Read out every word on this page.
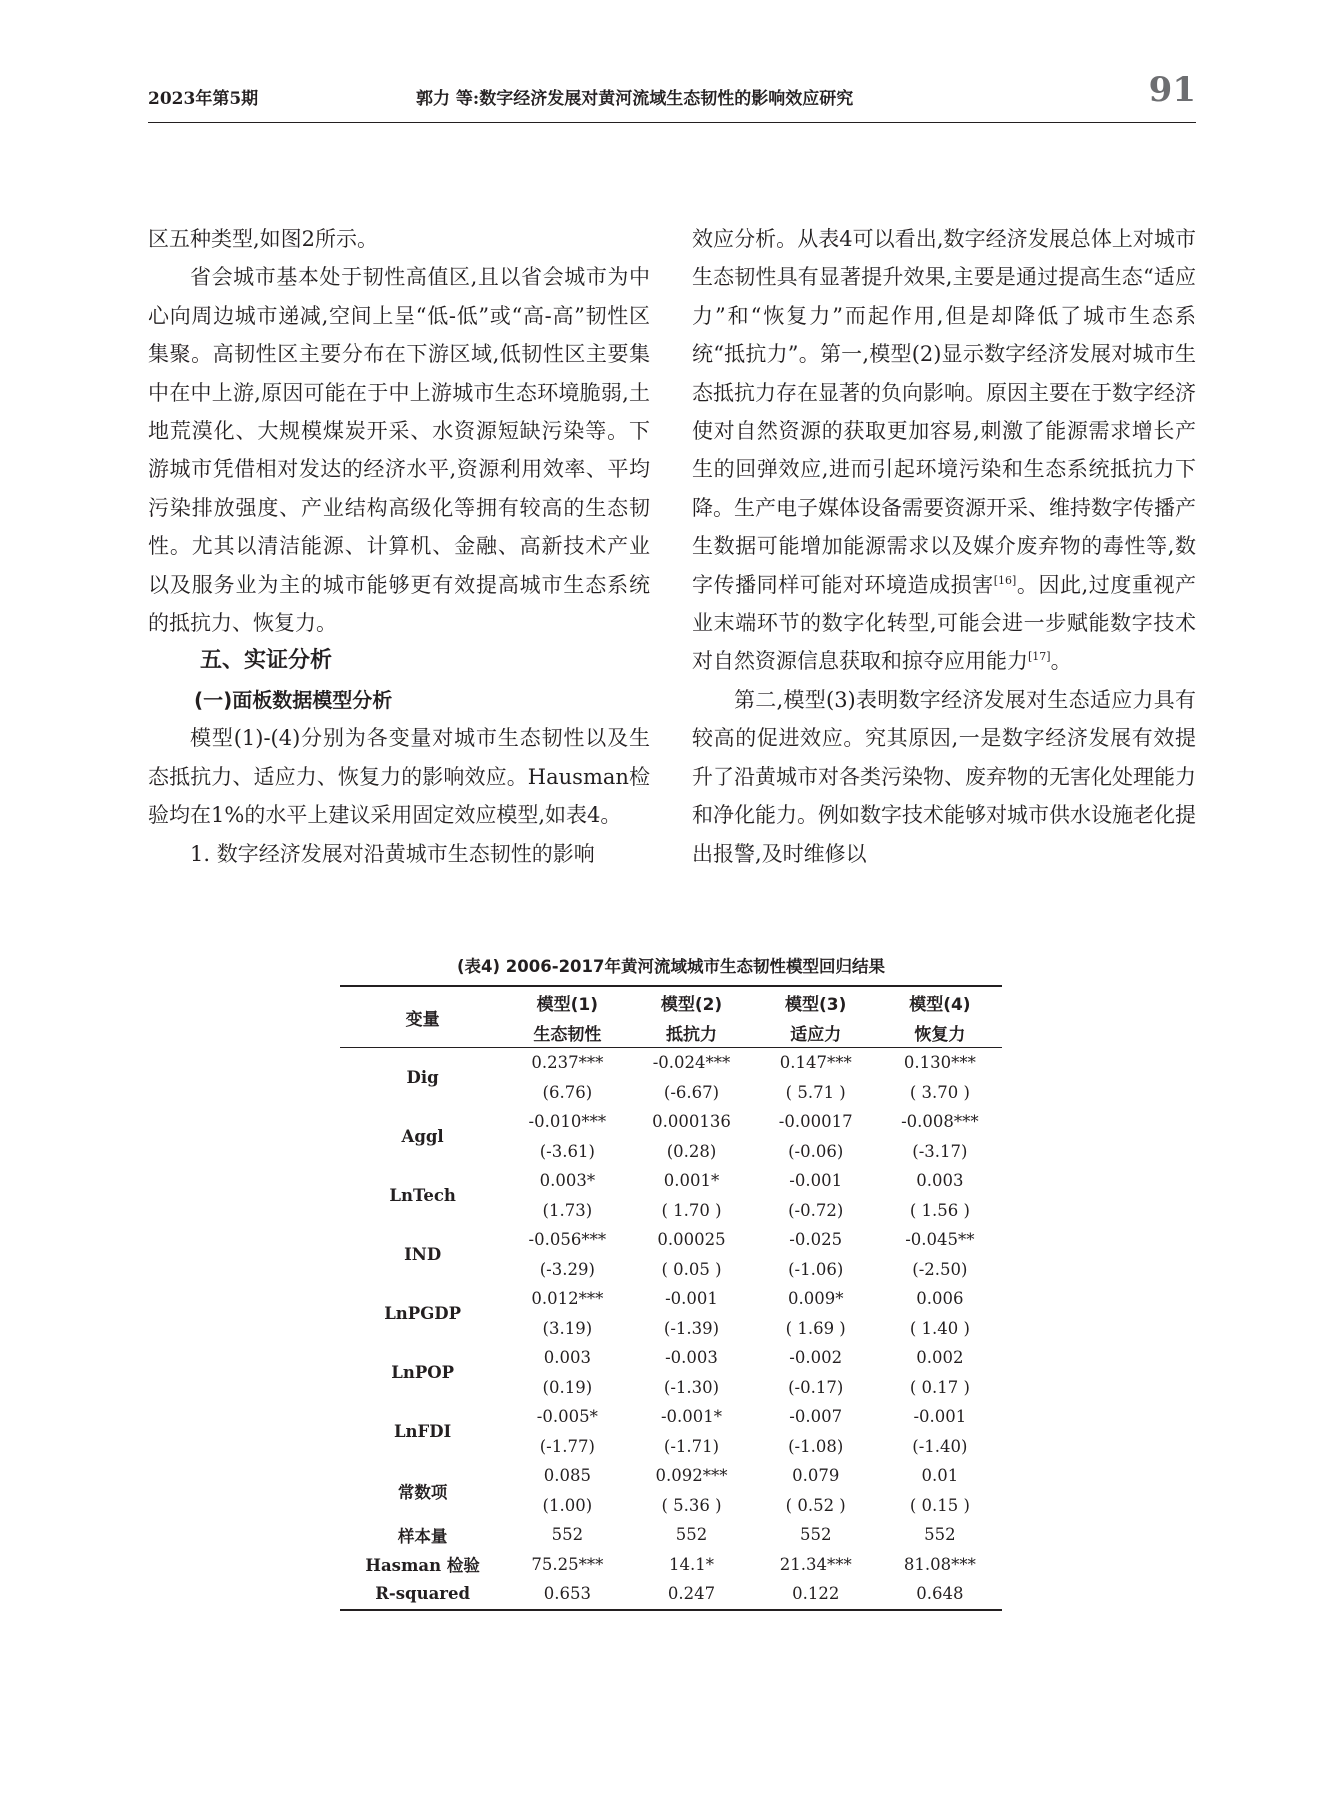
2023年第5期	郭力 等:数字经济发展对黄河流域生态韧性的影响效应研究	91

区五种类型,如图2所示。

省会城市基本处于韧性高值区,且以省会城市为中心向周边城市递减,空间上呈“低-低”或“高-高”韧性区集聚。高韧性区主要分布在下游区域,低韧性区主要集中在中上游,原因可能在于中上游城市生态环境脆弱,土地荒漠化、大规模煤炭开采、水资源短缺污染等。下游城市凭借相对发达的经济水平,资源利用效率、平均污染排放强度、产业结构高级化等拥有较高的生态韧性。尤其以清洁能源、计算机、金融、高新技术产业以及服务业为主的城市能够更有效提高城市生态系统的抵抗力、恢复力。

五、实证分析

(一)面板数据模型分析

模型(1)-(4)分别为各变量对城市生态韧性以及生态抵抗力、适应力、恢复力的影响效应。Hausman检验均在1%的水平上建议采用固定效应模型,如表4。

1. 数字经济发展对沿黄城市生态韧性的影响

效应分析。从表4可以看出,数字经济发展总体上对城市生态韧性具有显著提升效果,主要是通过提高生态“适应力”和“恢复力”而起作用,但是却降低了城市生态系统“抵抗力”。第一,模型(2)显示数字经济发展对城市生态抵抗力存在显著的负向影响。原因主要在于数字经济使对自然资源的获取更加容易,刺激了能源需求增长产生的回弹效应,进而引起环境污染和生态系统抵抗力下降。生产电子媒体设备需要资源开采、维持数字传播产生数据可能增加能源需求以及媒介废弃物的毒性等,数字传播同样可能对环境造成损害[16]。因此,过度重视产业末端环节的数字化转型,可能会进一步赋能数字技术对自然资源信息获取和掠夺应用能力[17]。

第二,模型(3)表明数字经济发展对生态适应力具有较高的促进效应。究其原因,一是数字经济发展有效提升了沿黄城市对各类污染物、废弃物的无害化处理能力和净化能力。例如数字技术能够对城市供水设施老化提出报警,及时维修以

(表4) 2006-2017年黄河流域城市生态韧性模型回归结果
变量	模型(1)	模型(2)	模型(3)	模型(4)
	生态韧性	抵抗力	适应力	恢复力
Dig	0.237***	-0.024***	0.147***	0.130***
	(6.76)	(-6.67)	( 5.71 )	( 3.70 )
Aggl	-0.010***	0.000136	-0.00017	-0.008***
	(-3.61)	(0.28)	(-0.06)	(-3.17)
LnTech	0.003*	0.001*	-0.001	0.003
	(1.73)	( 1.70 )	(-0.72)	( 1.56 )
IND	-0.056***	0.00025	-0.025	-0.045**
	(-3.29)	( 0.05 )	(-1.06)	(-2.50)
LnPGDP	0.012***	-0.001	0.009*	0.006
	(3.19)	(-1.39)	( 1.69 )	( 1.40 )
LnPOP	0.003	-0.003	-0.002	0.002
	(0.19)	(-1.30)	(-0.17)	( 0.17 )
LnFDI	-0.005*	-0.001*	-0.007	-0.001
	(-1.77)	(-1.71)	(-1.08)	(-1.40)
常数项	0.085	0.092***	0.079	0.01
	(1.00)	( 5.36 )	( 0.52 )	( 0.15 )
样本量	552	552	552	552
Hasman 检验	75.25***	14.1*	21.34***	81.08***
R-squared	0.653	0.247	0.122	0.648
